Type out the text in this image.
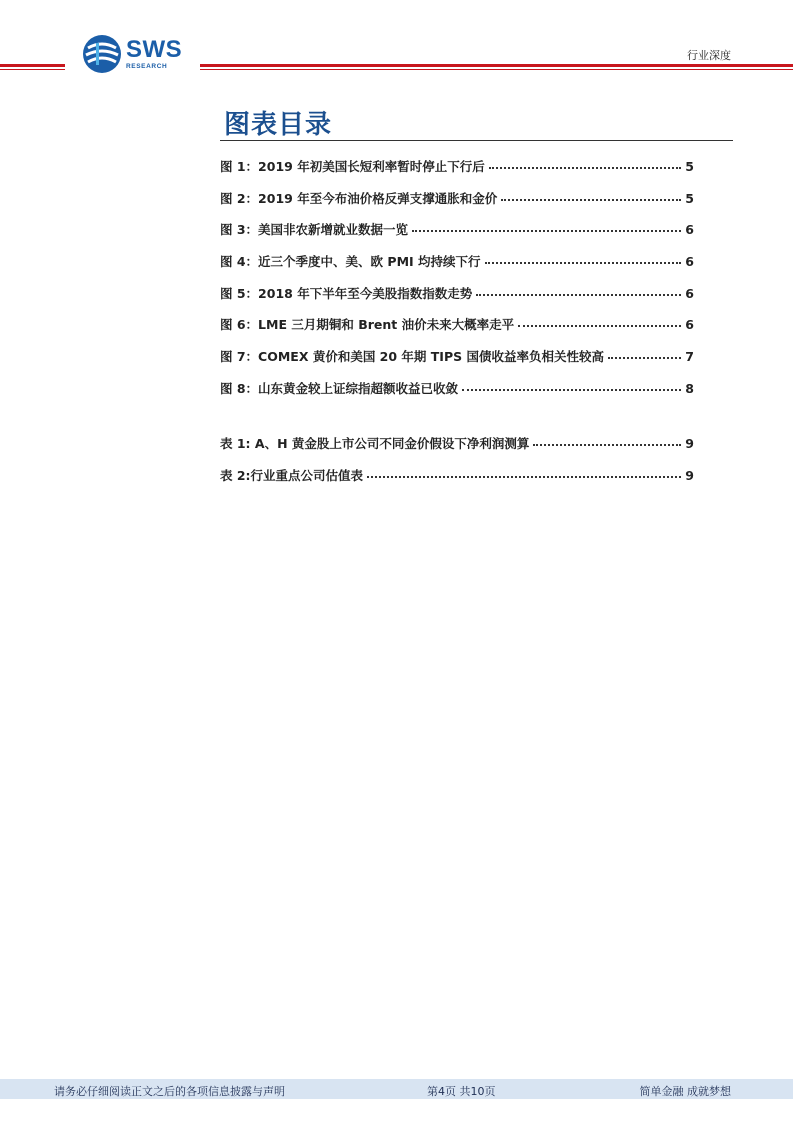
SWS
RESEARCH
行业深度
图表目录
图 1：2019 年初美国长短利率暂时停止下行后	5
图 2：2019 年至今布油价格反弹支撑通胀和金价	5
图 3：美国非农新增就业数据一览	6
图 4：近三个季度中、美、欧 PMI 均持续下行	6
图 5：2018 年下半年至今美股指数指数走势	6
图 6：LME 三月期铜和 Brent 油价未来大概率走平	6
图 7：COMEX 黄价和美国 20 年期 TIPS 国债收益率负相关性较高	7
图 8：山东黄金较上证综指超额收益已收敛	8
表 1: A、H 黄金股上市公司不同金价假设下净利润测算	9
表 2:行业重点公司估值表	9
请务必仔细阅读正文之后的各项信息披露与声明	第4页 共10页	简单金融 成就梦想
